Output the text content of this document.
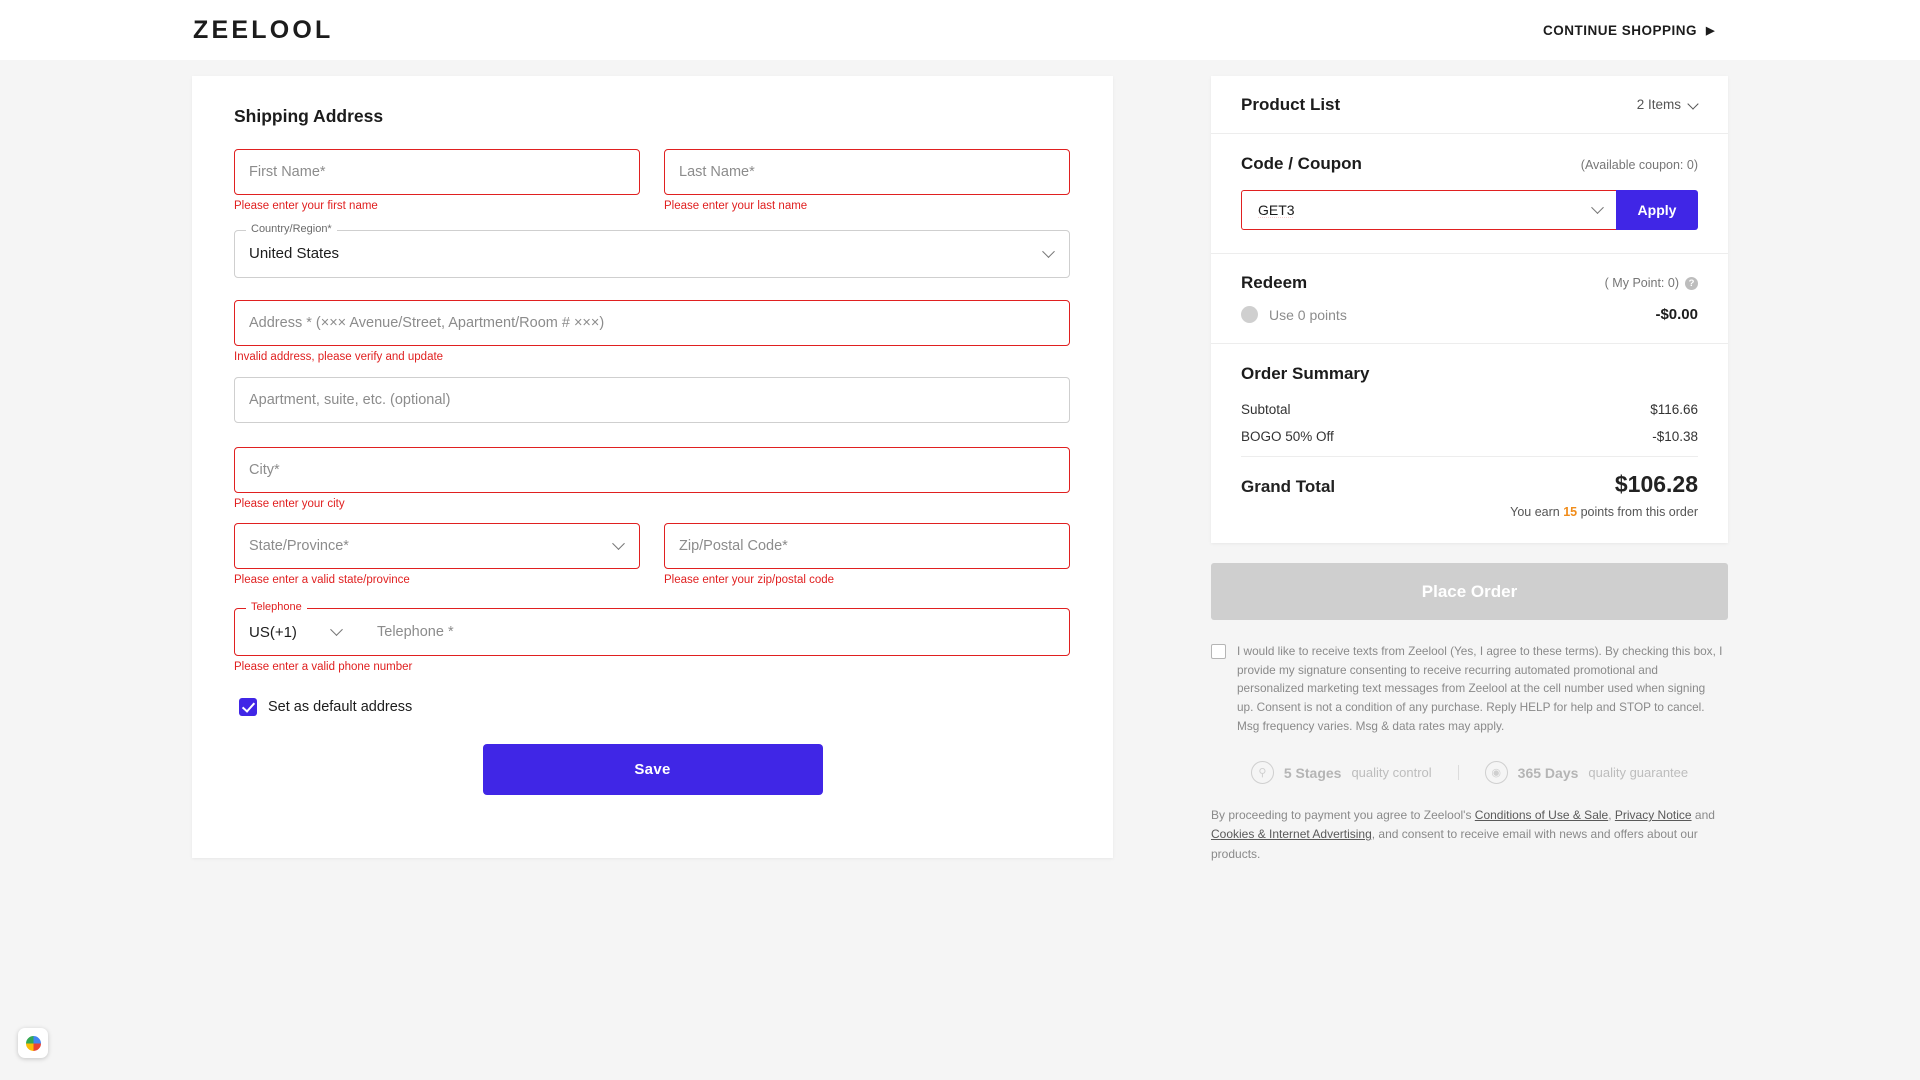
ZEELOOL	CONTINUE SHOPPING ▶
Shipping Address
First Name*
Please enter your first name
Last Name*	Please enter your last name
Country/Region*
United States
Address * (××× Avenue/Street, Apartment/Room # ×××)
Invalid address, please verify and update
Apartment, suite, etc. (optional)
City*
Please enter your city
State/Province*
Please enter a valid state/province
Zip/Postal Code*	Please enter your zip/postal code
Telephone
US(+1)
Telephone *
Please enter a valid phone number
Set as default address
Save
Product List	2 Items
Code / Coupon	(Available coupon: 0)
GET3
Apply
Redeem	( My Point: 0)	?
Use 0 points	-$0.00
Order Summary
Subtotal	$116.66
BOGO 50% Off	-$10.38
Grand Total	$106.28
You earn 15 points from this order
Place Order

I would like to receive texts from Zeelool (Yes, I agree to these terms). By checking this box, I provide my signature consenting to receive recurring automated promotional and personalized marketing text messages from Zeelool at the cell number used when signing up. Consent is not a condition of any purchase. Reply HELP for help and STOP to cancel. Msg frequency varies. Msg & data rates may apply.

⚲	5 Stages quality control	◉	365 Days quality guarantee
By proceeding to payment you agree to Zeelool's Conditions of Use & Sale, Privacy Notice and Cookies & Internet Advertising, and consent to receive email with news and offers about our products.
